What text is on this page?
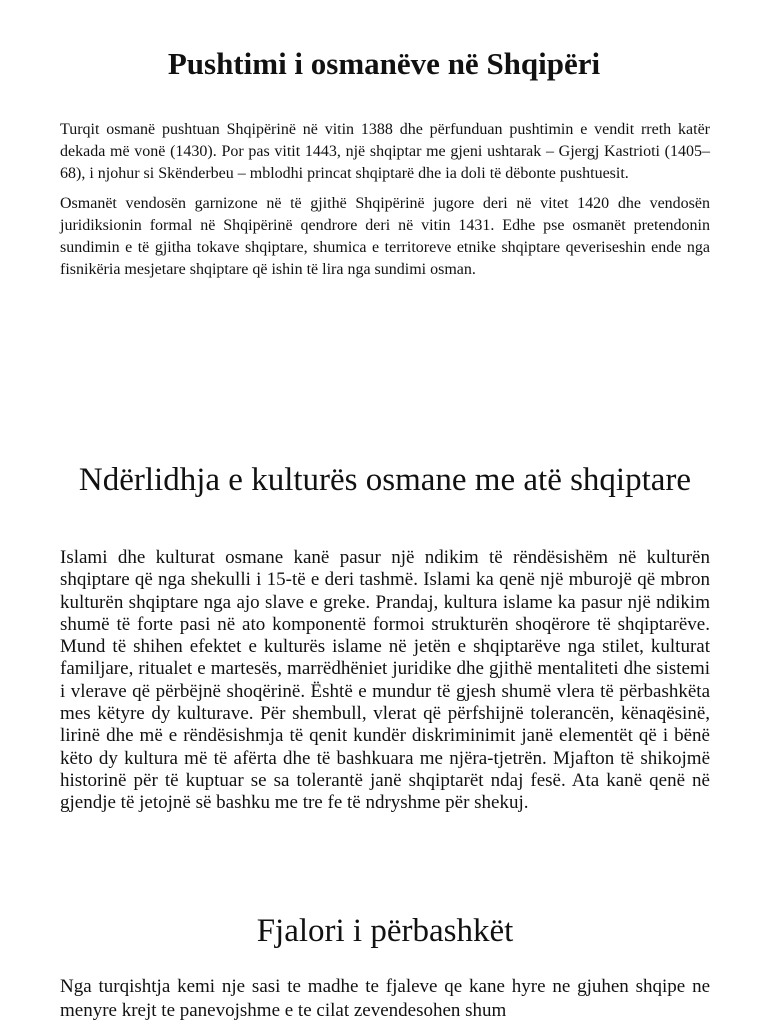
Pushtimi i osmanëve në Shqipëri

Turqit osmanë pushtuan Shqipërinë në vitin 1388 dhe përfunduan pushtimin e vendit rreth katër dekada më vonë (1430). Por pas vitit 1443, një shqiptar me gjeni ushtarak – Gjergj Kastrioti (1405–68), i njohur si Skënderbeu – mblodhi princat shqiptarë dhe ia doli të dëbonte pushtuesit.

Osmanët vendosën garnizone në të gjithë Shqipërinë jugore deri në vitet 1420 dhe vendosën juridiksionin formal në Shqipërinë qendrore deri në vitin 1431. Edhe pse osmanët pretendonin sundimin e të gjitha tokave shqiptare, shumica e territoreve etnike shqiptare qeveriseshin ende nga fisnikëria mesjetare shqiptare që ishin të lira nga sundimi osman.

Ndërlidhja e kulturës osmane me atë shqiptare

Islami dhe kulturat osmane kanë pasur një ndikim të rëndësishëm në kulturën shqiptare që nga shekulli i 15-të e deri tashmë. Islami ka qenë një mburojë që mbron kulturën shqiptare nga ajo slave e greke. Prandaj, kultura islame ka pasur një ndikim shumë të forte pasi në ato komponentë formoi strukturën shoqërore të shqiptarëve. Mund të shihen efektet e kulturës islame në jetën e shqiptarëve nga stilet, kulturat familjare, ritualet e martesës, marrëdhëniet juridike dhe gjithë mentaliteti dhe sistemi i vlerave që përbëjnë shoqërinë. Është e mundur të gjesh shumë vlera të përbashkëta mes këtyre dy kulturave. Për shembull, vlerat që përfshijnë tolerancën, kënaqësinë, lirinë dhe më e rëndësishmja të qenit kundër diskriminimit janë elementët që i bënë këto dy kultura më të afërta dhe të bashkuara me njëra-tjetrën. Mjafton të shikojmë historinë për të kuptuar se sa tolerantë janë shqiptarët ndaj fesë. Ata kanë qenë në gjendje të jetojnë së bashku me tre fe të ndryshme për shekuj.

Fjalori i përbashkët

Nga turqishtja kemi nje sasi te madhe te fjaleve qe kane hyre ne gjuhen shqipe ne menyre krejt te panevojshme e te cilat zevendesohen shum
